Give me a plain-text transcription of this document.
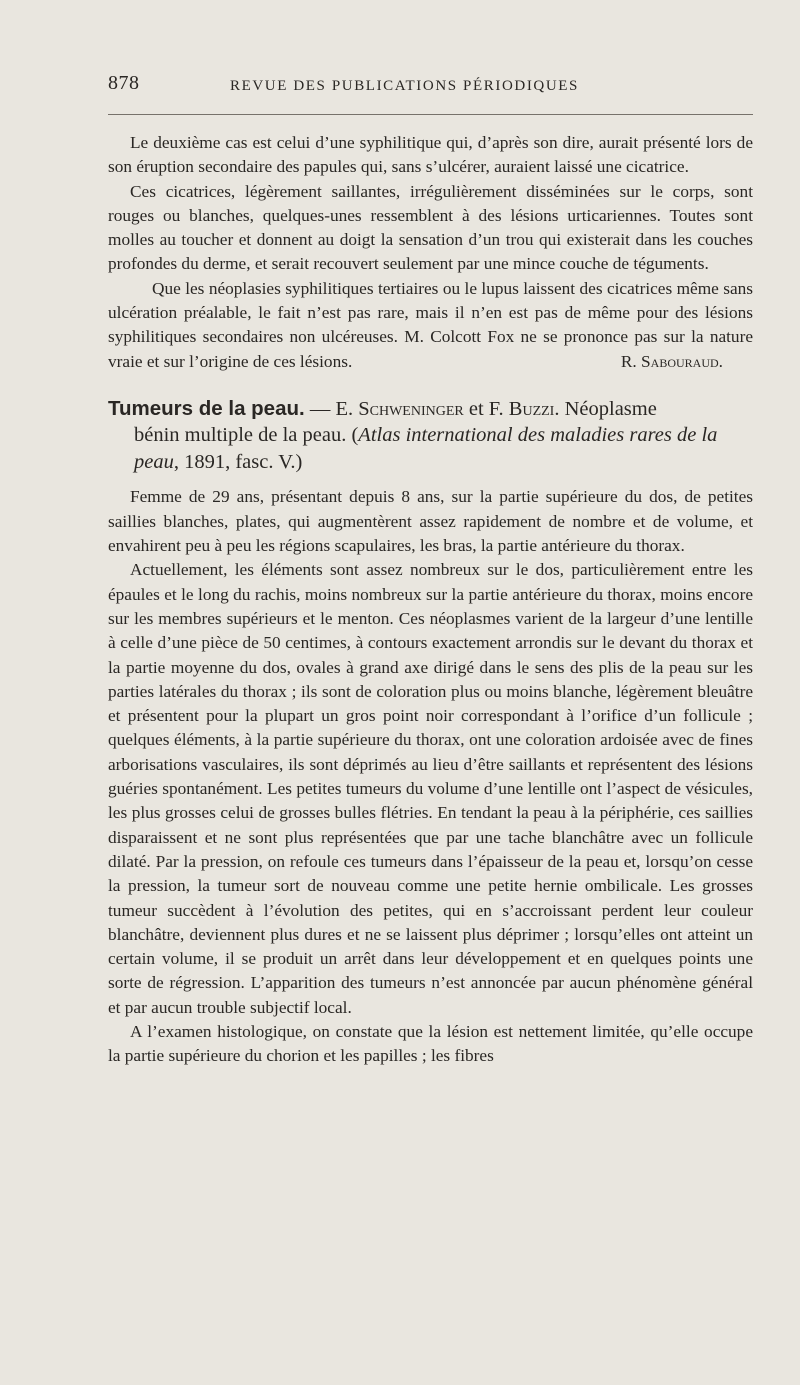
878	REVUE DES PUBLICATIONS PÉRIODIQUES

Le deuxième cas est celui d’une syphilitique qui, d’après son dire, aurait présenté lors de son éruption secondaire des papules qui, sans s’ulcérer, auraient laissé une cicatrice.

Ces cicatrices, légèrement saillantes, irrégulièrement disséminées sur le corps, sont rouges ou blanches, quelques-unes ressemblent à des lésions urticariennes. Toutes sont molles au toucher et donnent au doigt la sensation d’un trou qui existerait dans les couches profondes du derme, et serait recouvert seulement par une mince couche de téguments.

Que les néoplasies syphilitiques tertiaires ou le lupus laissent des cicatrices même sans ulcération préalable, le fait n’est pas rare, mais il n’en est pas de même pour des lésions syphilitiques secondaires non ulcéreuses. M. Colcott Fox ne se prononce pas sur la nature vraie et sur l’origine de ces lésions.	R. Sabouraud.

Tumeurs de la peau. — E. Schweninger et F. Buzzi. Néoplasme
bénin multiple de la peau. (Atlas international des maladies rares de la peau, 1891, fasc. V.)

Femme de 29 ans, présentant depuis 8 ans, sur la partie supérieure du dos, de petites saillies blanches, plates, qui augmentèrent assez rapidement de nombre et de volume, et envahirent peu à peu les régions scapulaires, les bras, la partie antérieure du thorax.

Actuellement, les éléments sont assez nombreux sur le dos, particulièrement entre les épaules et le long du rachis, moins nombreux sur la partie antérieure du thorax, moins encore sur les membres supérieurs et le menton. Ces néoplasmes varient de la largeur d’une lentille à celle d’une pièce de 50 centimes, à contours exactement arrondis sur le devant du thorax et la partie moyenne du dos, ovales à grand axe dirigé dans le sens des plis de la peau sur les parties latérales du thorax ; ils sont de coloration plus ou moins blanche, légèrement bleuâtre et présentent pour la plupart un gros point noir correspondant à l’orifice d’un follicule ; quelques éléments, à la partie supérieure du thorax, ont une coloration ardoisée avec de fines arborisations vasculaires, ils sont déprimés au lieu d’être saillants et représentent des lésions guéries spontanément. Les petites tumeurs du volume d’une lentille ont l’aspect de vésicules, les plus grosses celui de grosses bulles flétries. En tendant la peau à la périphérie, ces saillies disparaissent et ne sont plus représentées que par une tache blanchâtre avec un follicule dilaté. Par la pression, on refoule ces tumeurs dans l’épaisseur de la peau et, lorsqu’on cesse la pression, la tumeur sort de nouveau comme une petite hernie ombilicale. Les grosses tumeur succèdent à l’évolution des petites, qui en s’accroissant perdent leur couleur blanchâtre, deviennent plus dures et ne se laissent plus déprimer ; lorsqu’elles ont atteint un certain volume, il se produit un arrêt dans leur développement et en quelques points une sorte de régression. L’apparition des tumeurs n’est annoncée par aucun phénomène général et par aucun trouble subjectif local.

A l’examen histologique, on constate que la lésion est nettement limitée, qu’elle occupe la partie supérieure du chorion et les papilles ; les fibres
